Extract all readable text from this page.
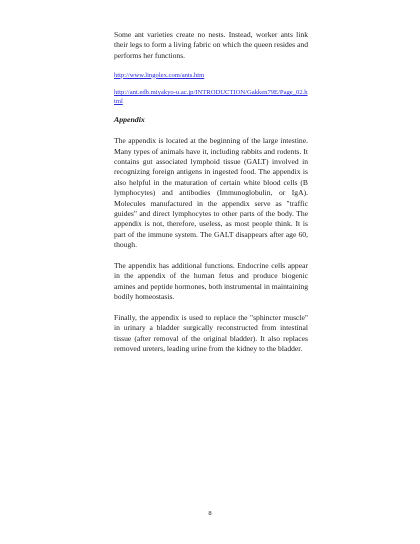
Some ant varieties create no nests. Instead, worker ants link their legs to form a living fabric on which the queen resides and performs her functions.

http://www.lingolex.com/ants.htm
http://ant.edb.miyakyo-u.ac.jp/INTRODUCTION/Gakken79E/Page_02.html
Appendix

The appendix is located at the beginning of the large intestine. Many types of animals have it, including rabbits and rodents. It contains gut associated lymphoid tissue (GALT) involved in recognizing foreign antigens in ingested food. The appendix is also helpful in the maturation of certain white blood cells (B lymphocytes) and antibodies (Immunoglobulin, or IgA). Molecules manufactured in the appendix serve as "traffic guides" and direct lymphocytes to other parts of the body. The appendix is not, therefore, useless, as most people think. It is part of the immune system. The GALT disappears after age 60, though.

The appendix has additional functions. Endocrine cells appear in the appendix of the human fetus and produce biogenic amines and peptide hormones, both instrumental in maintaining bodily homeostasis.

Finally, the appendix is used to replace the "sphincter muscle" in urinary a bladder surgically reconstructed from intestinal tissue (after removal of the original bladder). It also replaces removed ureters, leading urine from the kidney to the bladder.

8
